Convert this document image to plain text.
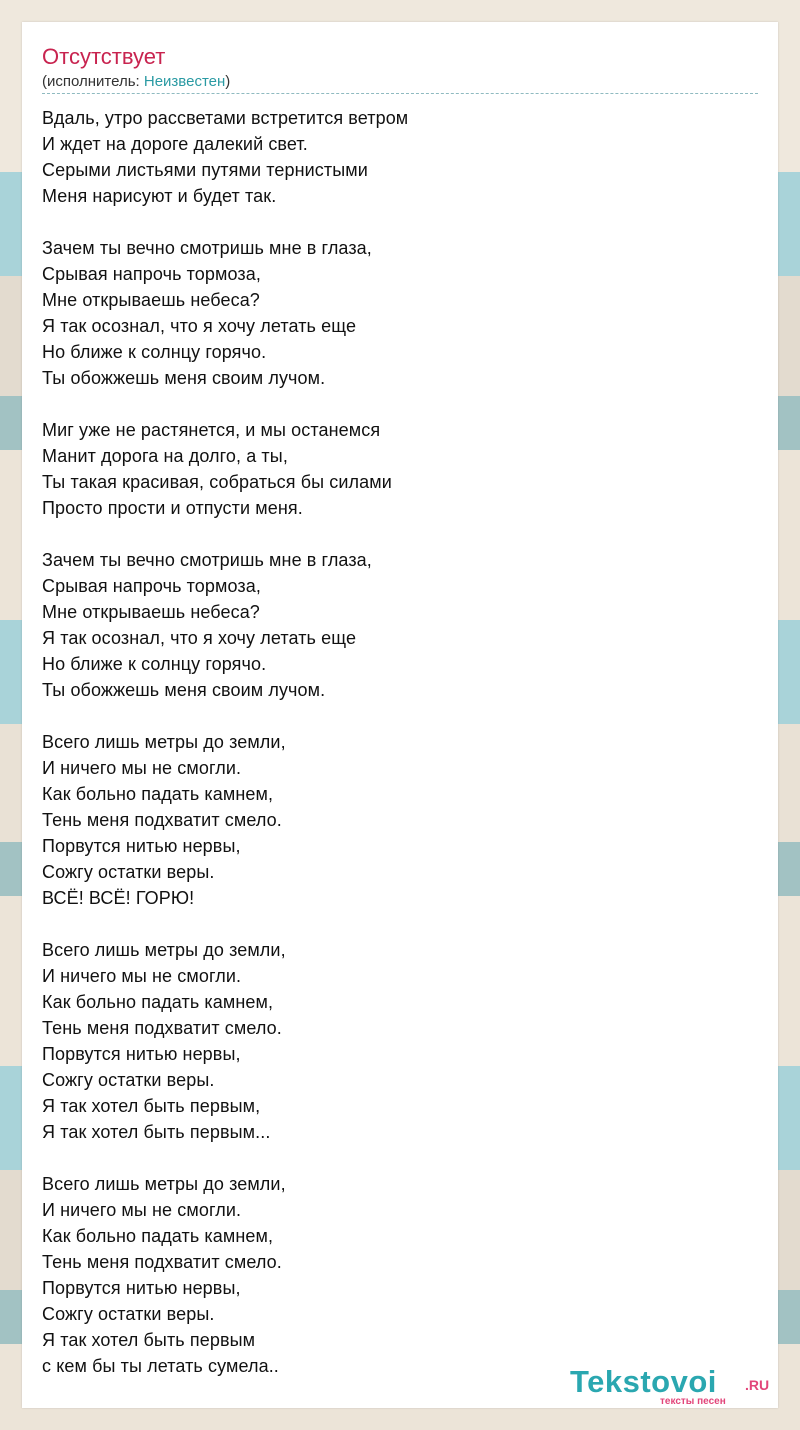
Отсутствует
(исполнитель: Неизвестен)
Вдаль, утро рассветами встретится ветром
И ждет на дороге далекий свет.
Серыми листьями путями тернистыми
Меня нарисуют и будет так.
Зачем ты вечно смотришь мне в глаза,
Срывая напрочь тормоза,
Мне открываешь небеса?
Я так осознал, что я хочу летать еще
Но ближе к солнцу горячо.
Ты обожжешь меня своим лучом.
Миг уже не растянется, и мы останемся
Манит дорога на долго, а ты,
Ты такая красивая, собраться бы силами
Просто прости и отпусти меня.
Зачем ты вечно смотришь мне в глаза,
Срывая напрочь тормоза,
Мне открываешь небеса?
Я так осознал, что я хочу летать еще
Но ближе к солнцу горячо.
Ты обожжешь меня своим лучом.
Всего лишь метры до земли,
И ничего мы не смогли.
Как больно падать камнем,
Тень меня подхватит смело.
Порвутся нитью нервы,
Сожгу остатки веры.
ВСЁ! ВСЁ! ГОРЮ!
Всего лишь метры до земли,
И ничего мы не смогли.
Как больно падать камнем,
Тень меня подхватит смело.
Порвутся нитью нервы,
Сожгу остатки веры.
Я так хотел быть первым,
Я так хотел быть первым...
Всего лишь метры до земли,
И ничего мы не смогли.
Как больно падать камнем,
Тень меня подхватит смело.
Порвутся нитью нервы,
Сожгу остатки веры.
Я так хотел быть первым
с кем бы ты летать сумела..	Tekstovoi .RU
тексты песен
